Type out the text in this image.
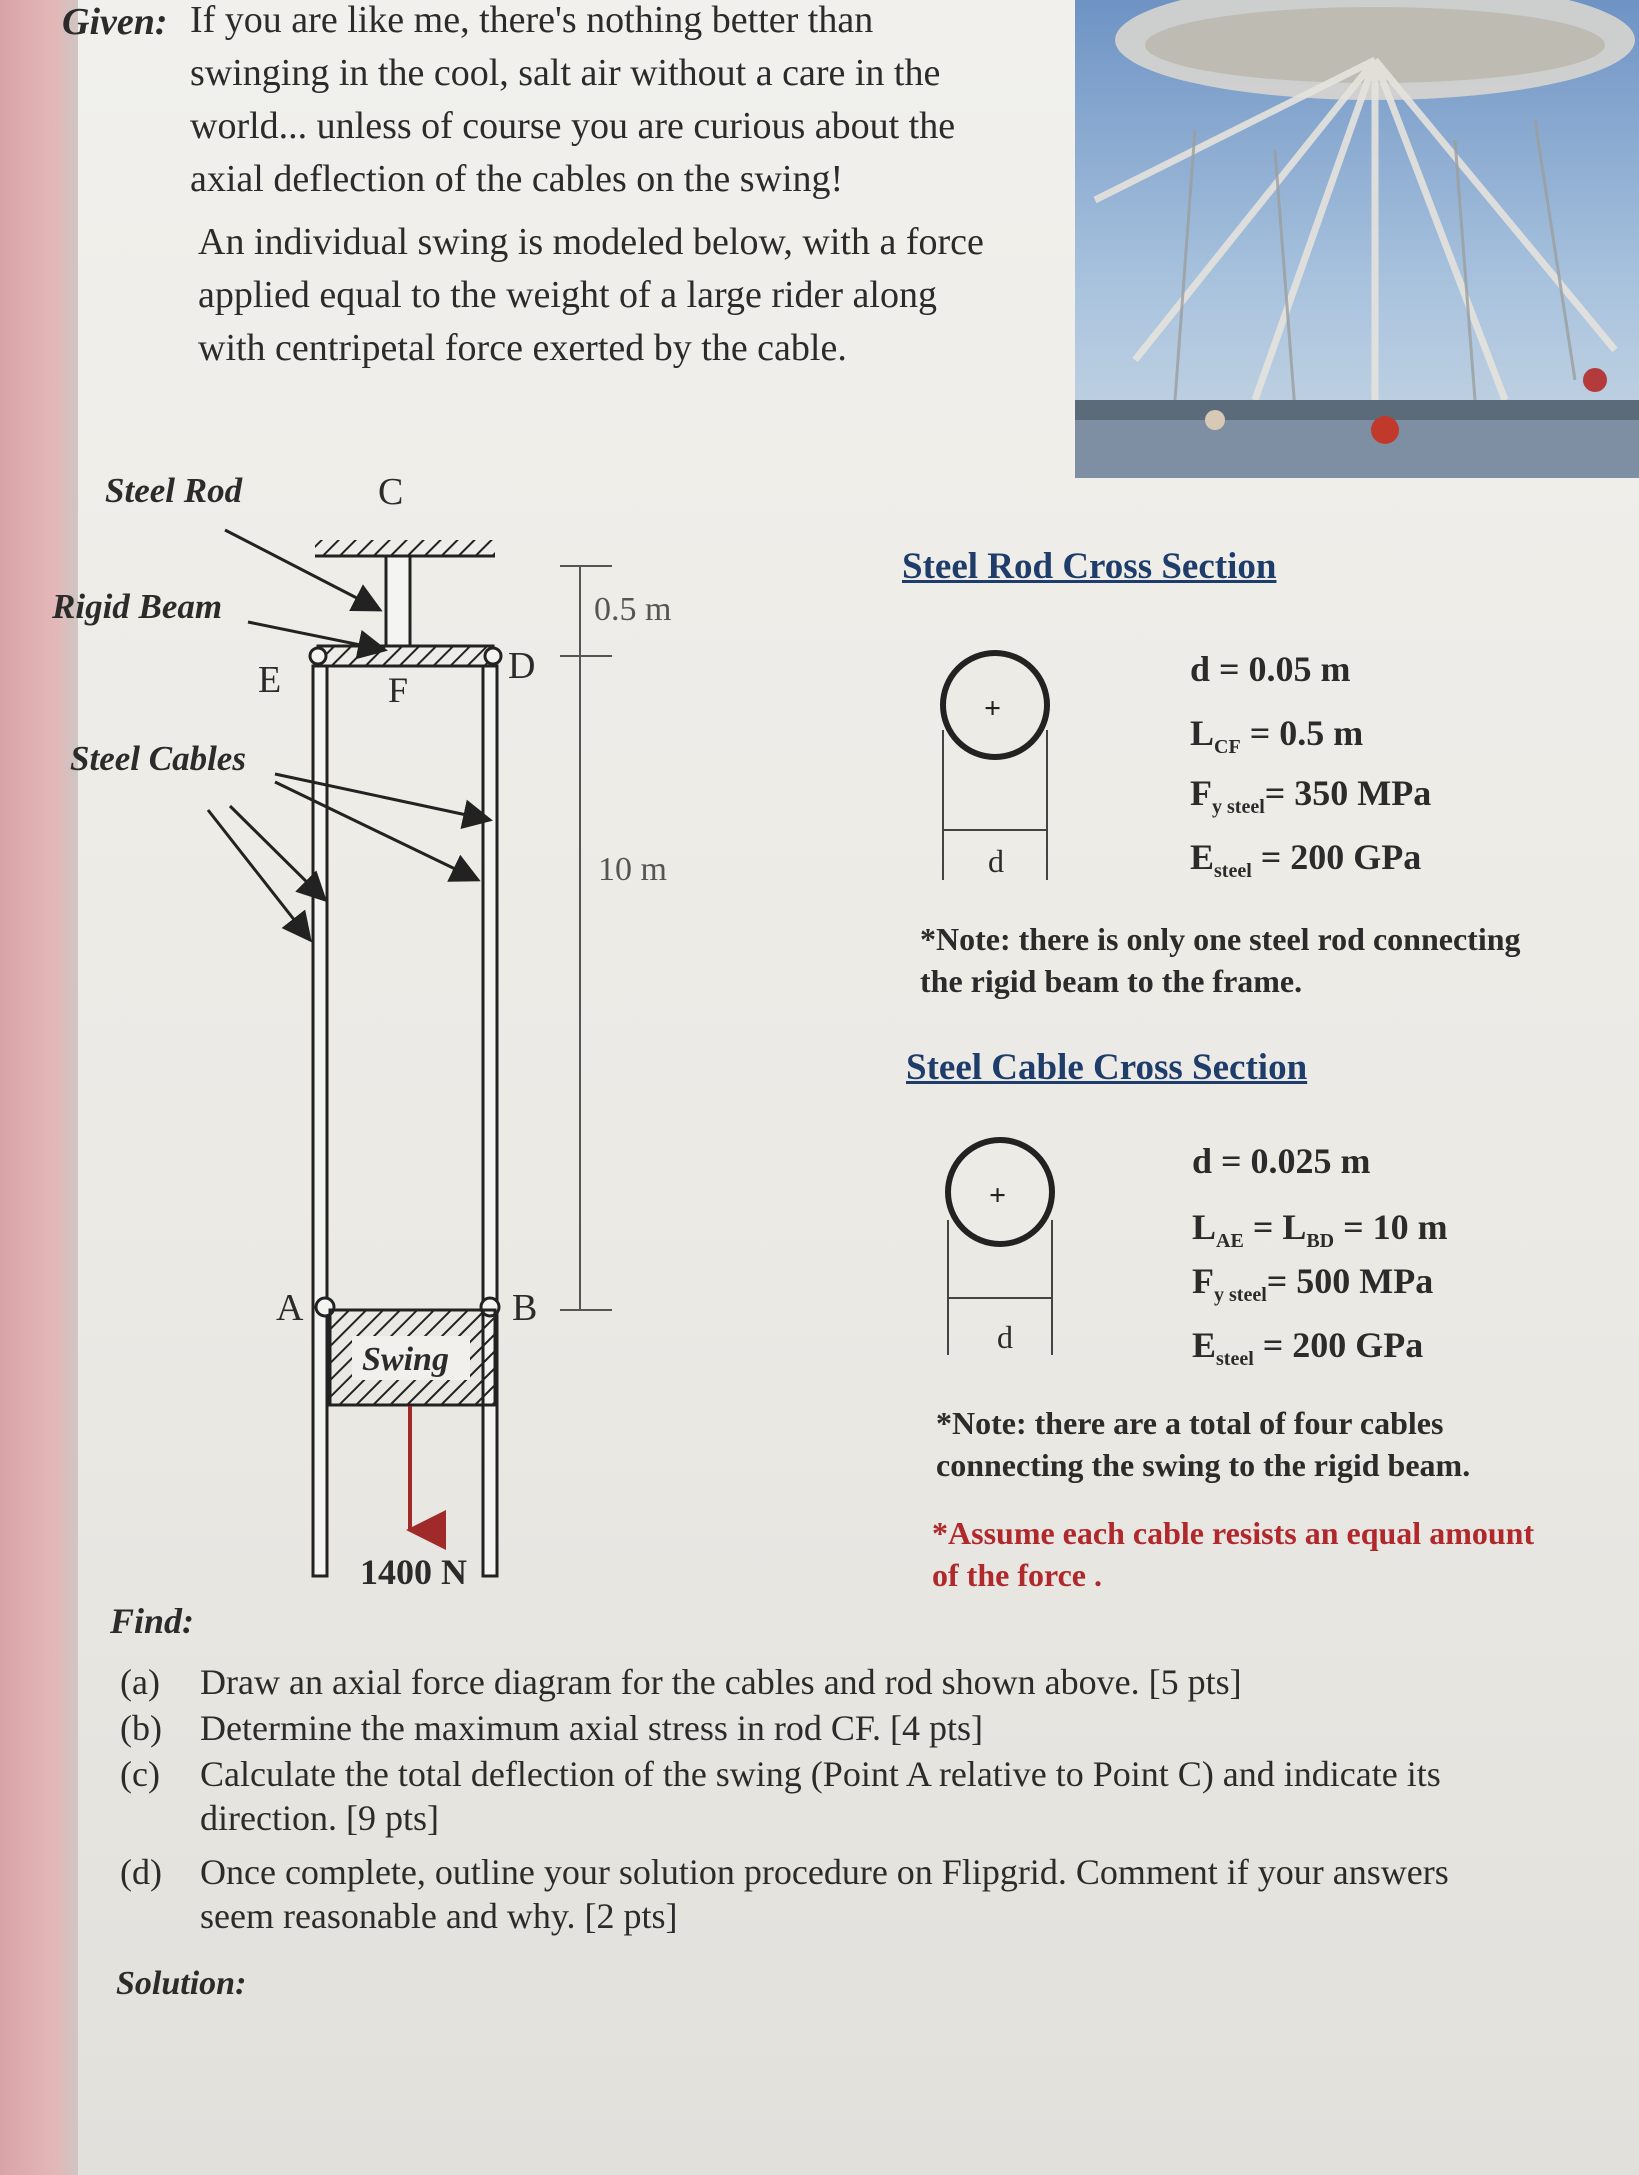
Given: If you are like me, there's nothing better than
swinging in the cool, salt air without a care in the
world... unless of course you are curious about the
axial deflection of the cables on the swing!
An individual swing is modeled below, with a force
applied equal to the weight of a large rider along
with centripetal force exerted by the cable.
Steel Rod	C
Rigid Beam
Steel Cables
E	F
D
A	B
Swing
1400 N
0.5 m
10 m
Steel Rod Cross Section
+
d
d = 0.05 m
$L_{CF} = 0.5$ m
$F_{y steel}= 350$ MPa
$E_{steel} = 200$ GPa
*Note: there is only one steel rod connecting
the rigid beam to the frame.
Steel Cable Cross Section
+
d
d = 0.025 m
$L_{AE} = L_{BD} = 10$ m
$F_{y steel}= 500$ MPa
$E_{steel} = 200$ GPa
*Note: there are a total of four cables
connecting the swing to the rigid beam.
*Assume each cable resists an equal amount
of the force .
Find:
(a) Draw an axial force diagram for the cables and rod shown above. [5 pts]
(b) Determine the maximum axial stress in rod CF. [4 pts]
(c) Calculate the total deflection of the swing (Point A relative to Point C) and indicate its
direction. [9 pts]
(d) Once complete, outline your solution procedure on Flipgrid. Comment if your answers
seem reasonable and why. [2 pts]
Solution:
